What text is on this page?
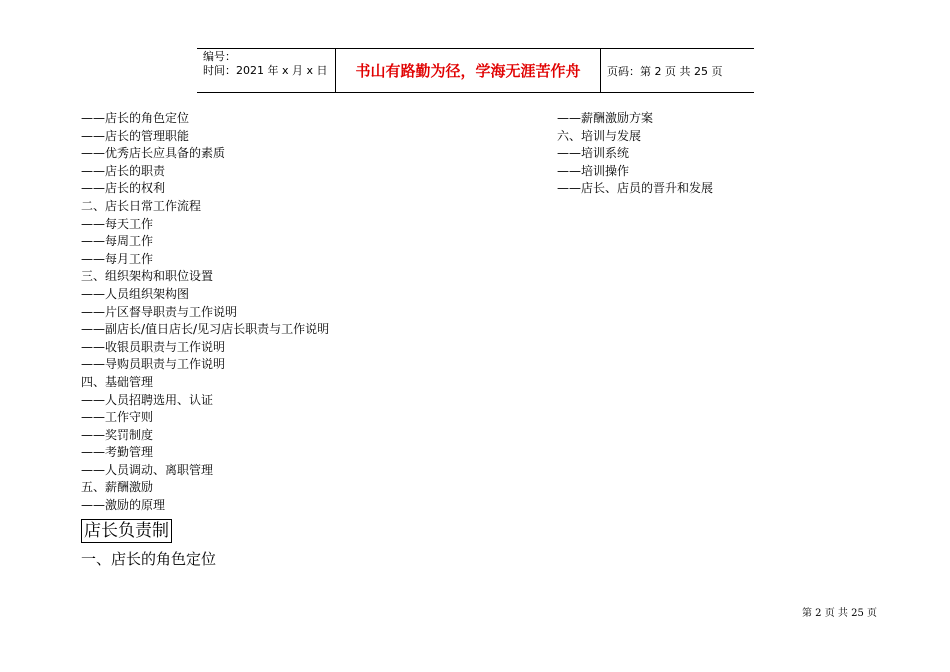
编号：
时间：2021 年 x 月 x 日	书山有路勤为径，学海无涯苦作舟	页码：第 2 页 共 25 页
——店长的角色定位
——店长的管理职能
——优秀店长应具备的素质
——店长的职责
——店长的权利
二、店长日常工作流程
——每天工作
——每周工作
——每月工作
三、组织架构和职位设置
——人员组织架构图
——片区督导职责与工作说明
——副店长/值日店长/见习店长职责与工作说明
——收银员职责与工作说明
——导购员职责与工作说明
四、基础管理
——人员招聘选用、认证
——工作守则
——奖罚制度
——考勤管理
——人员调动、离职管理
五、薪酬激励
——激励的原理
——薪酬激励方案
六、培训与发展
——培训系统
——培训操作
——店长、店员的晋升和发展
店长负责制
一、店长的角色定位
第 2 页 共 25 页
